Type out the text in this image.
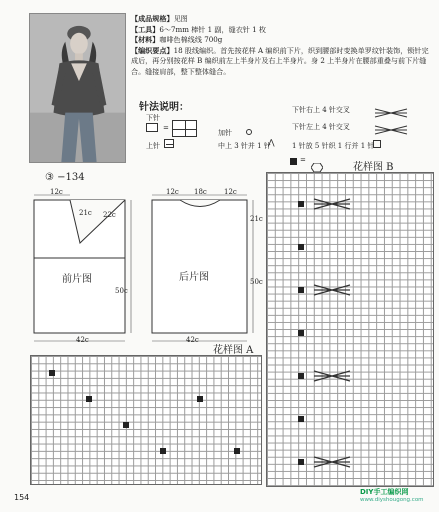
【成品规格】见图

【工具】6～7mm 棒针 1 副，缝衣针 1 枚

【材料】咖啡色棉线线 700g

【编织要点】18 股线编织。首先按花样 A 编织前下片，织到腰部时变换单罗纹针装饰，锁针完成后，再分别按花样 B 编织前左上半身片及右上半身片。身 2 上半身片在腰部重叠与前下片缝合。缝接肩部，整下整体缝合。

针法说明：
下针
=
上针
加针
中上 3 针并 1 针
⋀
下针右上 4 针交叉
下针左上 4 针交叉
1 针放 5 针织 1 行并 1 针
=
③ −134
12c
21c 22c
50c
42c
前片图
12c 18c 12c
21c
50c
42c
后片图
花样图 A
花样图 B
154
DIY手工编织网
www.diyshougong.com
